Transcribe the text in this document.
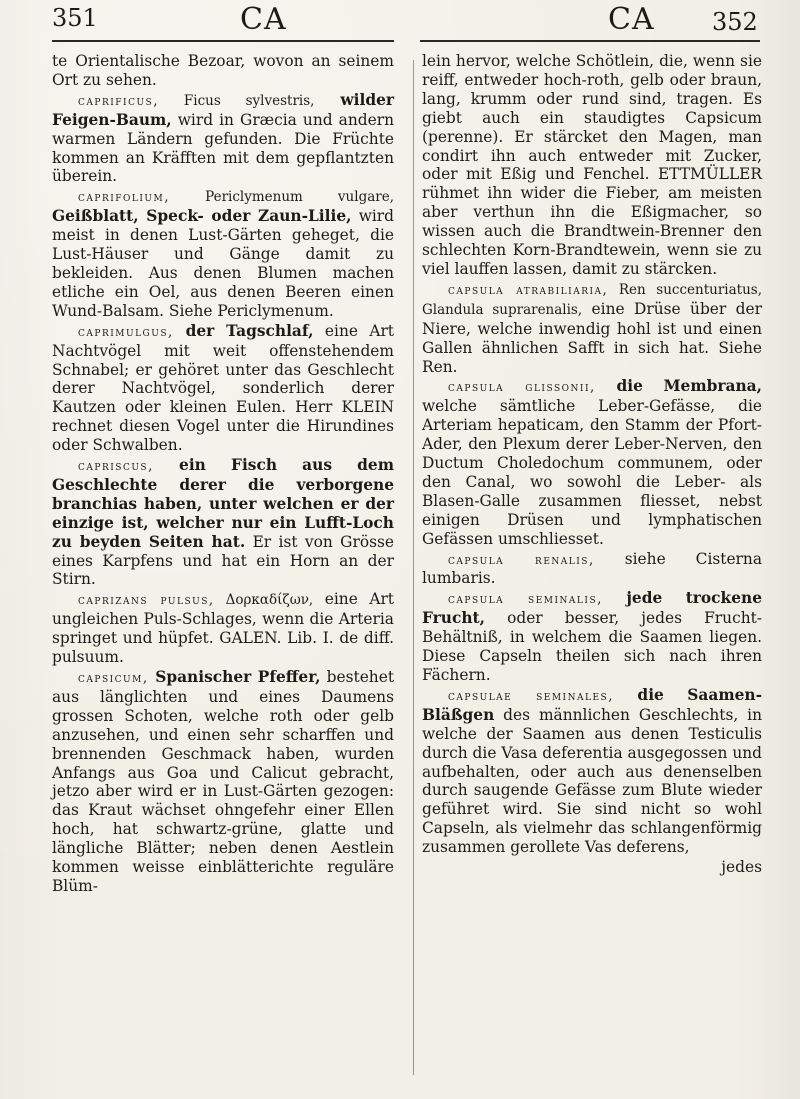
351	CA	CA 352

te Orientalische Bezoar, wovon an seinem Ort zu sehen.

caprificus, Ficus sylvestris, wilder Feigen-Baum, wird in Græcia und andern warmen Ländern gefunden. Die Früchte kommen an Kräfften mit dem gepflantzten überein.

caprifolium, Periclymenum vulgare, Geißblatt, Speck- oder Zaun-Lilie, wird meist in denen Lust-Gärten geheget, die Lust-Häuser und Gänge damit zu bekleiden. Aus denen Blumen machen etliche ein Oel, aus denen Beeren einen Wund-Balsam. Siehe Periclymenum.

caprimulgus, der Tagschlaf, eine Art Nachtvögel mit weit offenstehendem Schnabel; er gehöret unter das Geschlecht derer Nachtvögel, sonderlich derer Kautzen oder kleinen Eulen. Herr KLEIN rechnet diesen Vogel unter die Hirundines oder Schwalben.

capriscus, ein Fisch aus dem Geschlechte derer die verborgene branchias haben, unter welchen er der einzige ist, welcher nur ein Lufft-Loch zu beyden Seiten hat. Er ist von Grösse eines Karpfens und hat ein Horn an der Stirn.

caprizans pulsus, Δορκαδίζων, eine Art ungleichen Puls-Schlages, wenn die Arteria springet und hüpfet. GALEN. Lib. I. de diff. pulsuum.

capsicum, Spanischer Pfeffer, bestehet aus länglichten und eines Daumens grossen Schoten, welche roth oder gelb anzusehen, und einen sehr scharffen und brennenden Geschmack haben, wurden Anfangs aus Goa und Calicut gebracht, jetzo aber wird er in Lust-Gärten gezogen: das Kraut wächset ohngefehr einer Ellen hoch, hat schwartz-grüne, glatte und längliche Blätter; neben denen Aestlein kommen weisse einblätterichte reguläre Blüm-

lein hervor, welche Schötlein, die, wenn sie reiff, entweder hoch-roth, gelb oder braun, lang, krumm oder rund sind, tragen. Es giebt auch ein staudigtes Capsicum (perenne). Er stärcket den Magen, man condirt ihn auch entweder mit Zucker, oder mit Eßig und Fenchel. ETTMÜLLER rühmet ihn wider die Fieber, am meisten aber verthun ihn die Eßigmacher, so wissen auch die Brandtwein-Brenner den schlechten Korn-Brandtewein, wenn sie zu viel lauffen lassen, damit zu stärcken.

capsula atrabiliaria, Ren succenturiatus, Glandula suprarenalis, eine Drüse über der Niere, welche inwendig hohl ist und einen Gallen ähnlichen Safft in sich hat. Siehe Ren.

capsula glissonii, die Membrana, welche sämtliche Leber-Gefässe, die Arteriam hepaticam, den Stamm der Pfort-Ader, den Plexum derer Leber-Nerven, den Ductum Choledochum communem, oder den Canal, wo sowohl die Leber- als Blasen-Galle zusammen fliesset, nebst einigen Drüsen und lymphatischen Gefässen umschliesset.

capsula renalis, siehe Cisterna lumbaris.

capsula seminalis, jede trockene Frucht, oder besser, jedes Frucht-Behältniß, in welchem die Saamen liegen. Diese Capseln theilen sich nach ihren Fächern.

capsulae seminales, die Saamen-Bläßgen des männlichen Geschlechts, in welche der Saamen aus denen Testiculis durch die Vasa deferentia ausgegossen und aufbehalten, oder auch aus denenselben durch saugende Gefässe zum Blute wieder geführet wird. Sie sind nicht so wohl Capseln, als vielmehr das schlangenförmig zusammen gerollete Vas deferens,

jedes
